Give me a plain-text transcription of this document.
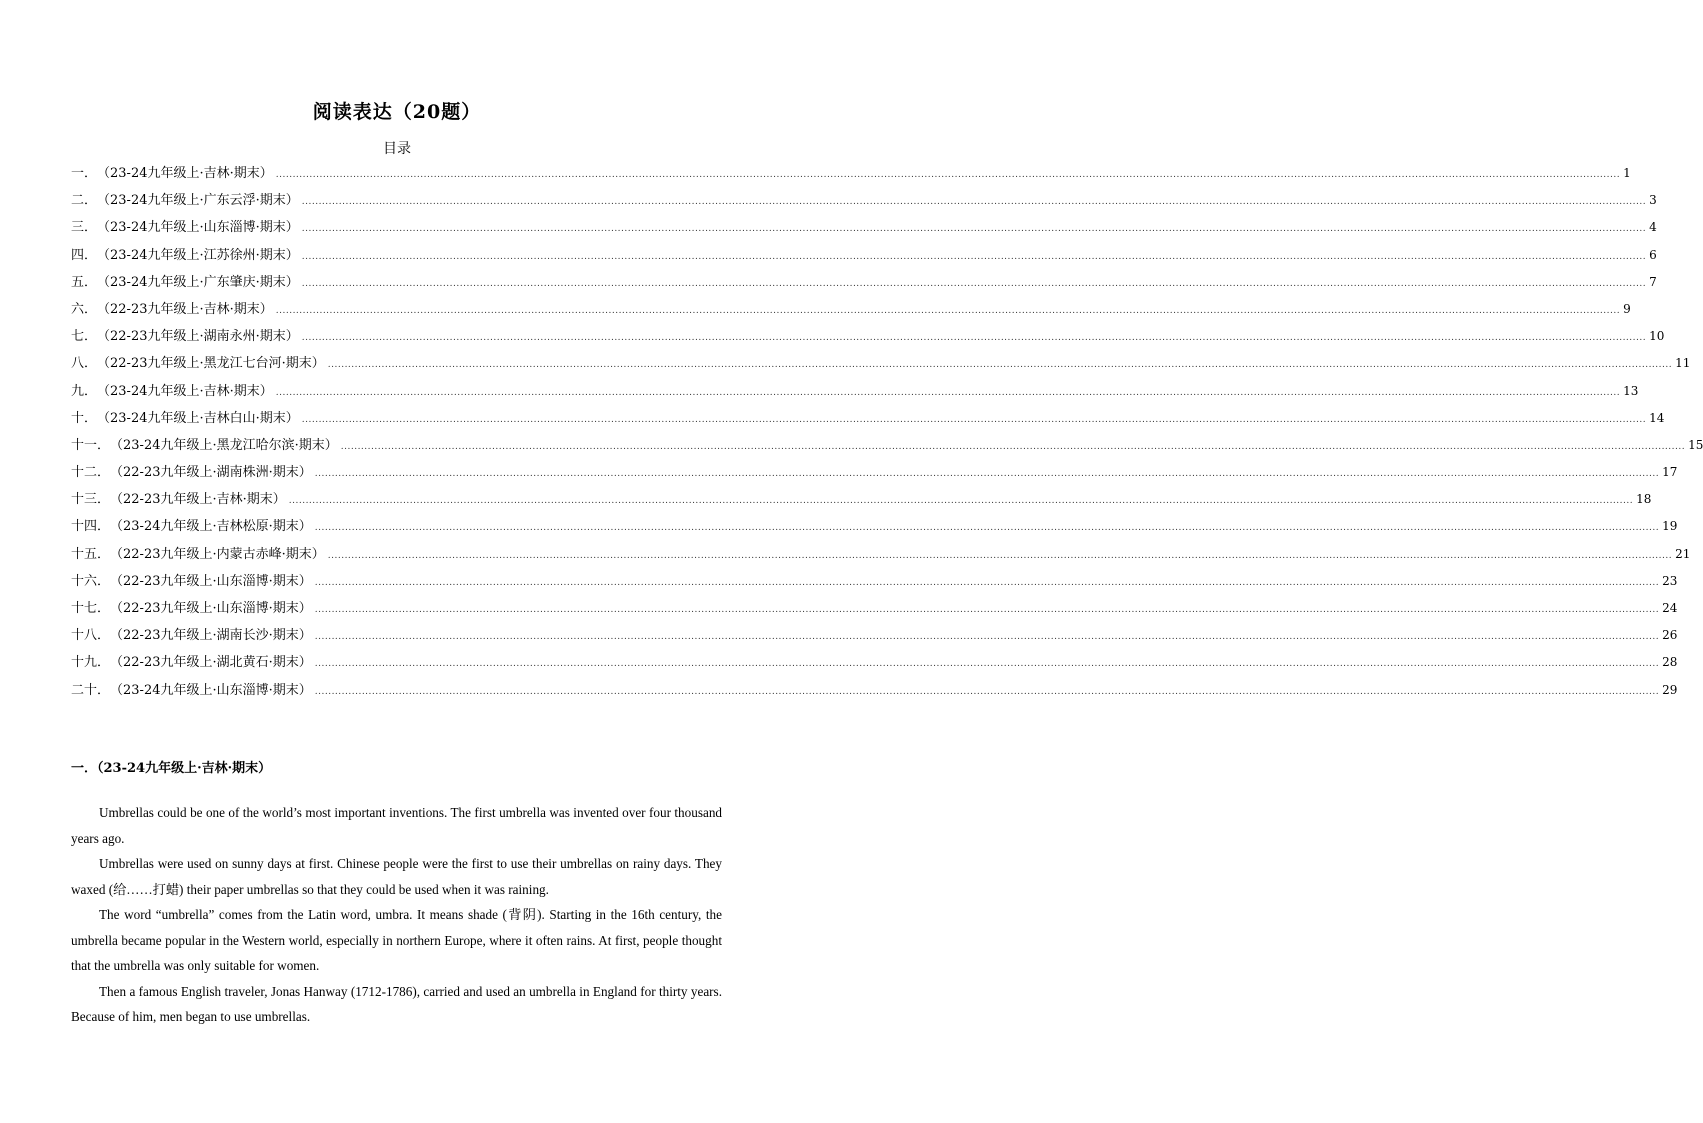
阅读表达（20题）
目录
一． （23-24九年级上·吉林·期末） ................................................................................................................................................................................................................................................................................................................................................................................................................ 1
二． （23-24九年级上·广东云浮·期末） ................................................................................................................................................................................................................................................................................................................................................................................................................ 3
三． （23-24九年级上·山东淄博·期末） ................................................................................................................................................................................................................................................................................................................................................................................................................ 4
四． （23-24九年级上·江苏徐州·期末） ................................................................................................................................................................................................................................................................................................................................................................................................................ 6
五． （23-24九年级上·广东肇庆·期末） ................................................................................................................................................................................................................................................................................................................................................................................................................ 7
六． （22-23九年级上·吉林·期末） ................................................................................................................................................................................................................................................................................................................................................................................................................ 9
七． （22-23九年级上·湖南永州·期末） ................................................................................................................................................................................................................................................................................................................................................................................................................ 10
八． （22-23九年级上·黑龙江七台河·期末） ................................................................................................................................................................................................................................................................................................................................................................................................................ 11
九． （23-24九年级上·吉林·期末） ................................................................................................................................................................................................................................................................................................................................................................................................................ 13
十． （23-24九年级上·吉林白山·期末） ................................................................................................................................................................................................................................................................................................................................................................................................................ 14
十一． （23-24九年级上·黑龙江哈尔滨·期末） ................................................................................................................................................................................................................................................................................................................................................................................................................ 15
十二． （22-23九年级上·湖南株洲·期末） ................................................................................................................................................................................................................................................................................................................................................................................................................ 17
十三． （22-23九年级上·吉林·期末） ................................................................................................................................................................................................................................................................................................................................................................................................................ 18
十四． （23-24九年级上·吉林松原·期末） ................................................................................................................................................................................................................................................................................................................................................................................................................ 19
十五． （22-23九年级上·内蒙古赤峰·期末） ................................................................................................................................................................................................................................................................................................................................................................................................................ 21
十六． （22-23九年级上·山东淄博·期末） ................................................................................................................................................................................................................................................................................................................................................................................................................ 23
十七． （22-23九年级上·山东淄博·期末） ................................................................................................................................................................................................................................................................................................................................................................................................................ 24
十八． （22-23九年级上·湖南长沙·期末） ................................................................................................................................................................................................................................................................................................................................................................................................................ 26
十九． （22-23九年级上·湖北黄石·期末） ................................................................................................................................................................................................................................................................................................................................................................................................................ 28
二十． （23-24九年级上·山东淄博·期末） ................................................................................................................................................................................................................................................................................................................................................................................................................ 29
一．（23-24九年级上·吉林·期末）

Umbrellas could be one of the world’s most important inventions. The first umbrella was invented over four thousand years ago.

Umbrellas were used on sunny days at first. Chinese people were the first to use their umbrellas on rainy days. They waxed (给……打蜡) their paper umbrellas so that they could be used when it was raining.

The word “umbrella” comes from the Latin word, umbra. It means shade (背阴). Starting in the 16th century, the umbrella became popular in the Western world, especially in northern Europe, where it often rains. At first, people thought that the umbrella was only suitable for women.

Then a famous English traveler, Jonas Hanway (1712-1786), carried and used an umbrella in England for thirty years. Because of him, men began to use umbrellas.
